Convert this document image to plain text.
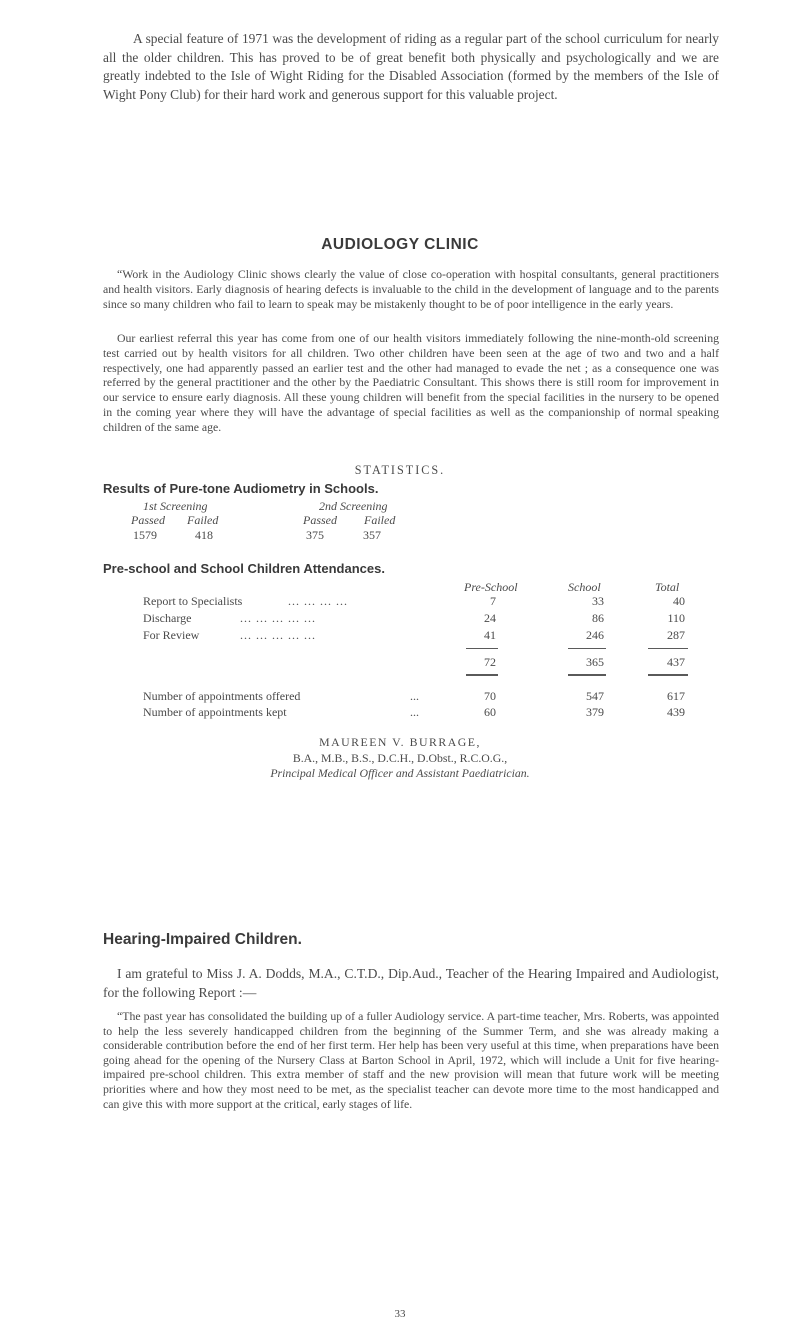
A special feature of 1971 was the development of riding as a regular part of the school curriculum for nearly all the older children. This has proved to be of great benefit both physically and psychologically and we are greatly indebted to the Isle of Wight Riding for the Disabled Association (formed by the members of the Isle of Wight Pony Club) for their hard work and generous support for this valuable project.

AUDIOLOGY CLINIC

“Work in the Audiology Clinic shows clearly the value of close co-operation with hospital consultants, general practitioners and health visitors. Early diagnosis of hearing defects is invaluable to the child in the development of language and to the parents since so many children who fail to learn to speak may be mistakenly thought to be of poor intelligence in the early years.

Our earliest referral this year has come from one of our health visitors immediately following the nine-month-old screening test carried out by health visitors for all children. Two other children have been seen at the age of two and two and a half respectively, one had apparently passed an earlier test and the other had managed to evade the net ; as a consequence one was referred by the general practitioner and the other by the Paediatric Consultant. This shows there is still room for improvement in our service to ensure early diagnosis. All these young children will benefit from the special facilities in the nursery to be opened in the coming year where they will have the advantage of special facilities as well as the companionship of normal speaking children of the same age.

STATISTICS.
Results of Pure-tone Audiometry in Schools.
1st Screening	2nd Screening
Passed Failed	Passed Failed
1579	418	375	357
Pre-school and School Children Attendances.
Pre-School	School	Total
Report to Specialists	... ... ... ...	7	33	40
Discharge	... ... ... ... ...	24	86	110
For Review	... ... ... ... ...	41	246	287
72	365	437
Number of appointments offered	...	70	547	617
Number of appointments kept	...	60	379	439
MAUREEN V. BURRAGE,
B.A., M.B., B.S., D.C.H., D.Obst., R.C.O.G.,
Principal Medical Officer and Assistant Paediatrician.
Hearing-Impaired Children.

I am grateful to Miss J. A. Dodds, M.A., C.T.D., Dip.Aud., Teacher of the Hearing Impaired and Audiologist, for the following Report :—

“The past year has consolidated the building up of a fuller Audiology service. A part-time teacher, Mrs. Roberts, was appointed to help the less severely handicapped children from the beginning of the Summer Term, and she was already making a considerable contribution before the end of her first term. Her help has been very useful at this time, when preparations have been going ahead for the opening of the Nursery Class at Barton School in April, 1972, which will include a Unit for five hearing-impaired pre-school children. This extra member of staff and the new provision will mean that future work will be meeting priorities where and how they most need to be met, as the specialist teacher can devote more time to the most handicapped and can give this with more support at the critical, early stages of life.

33
